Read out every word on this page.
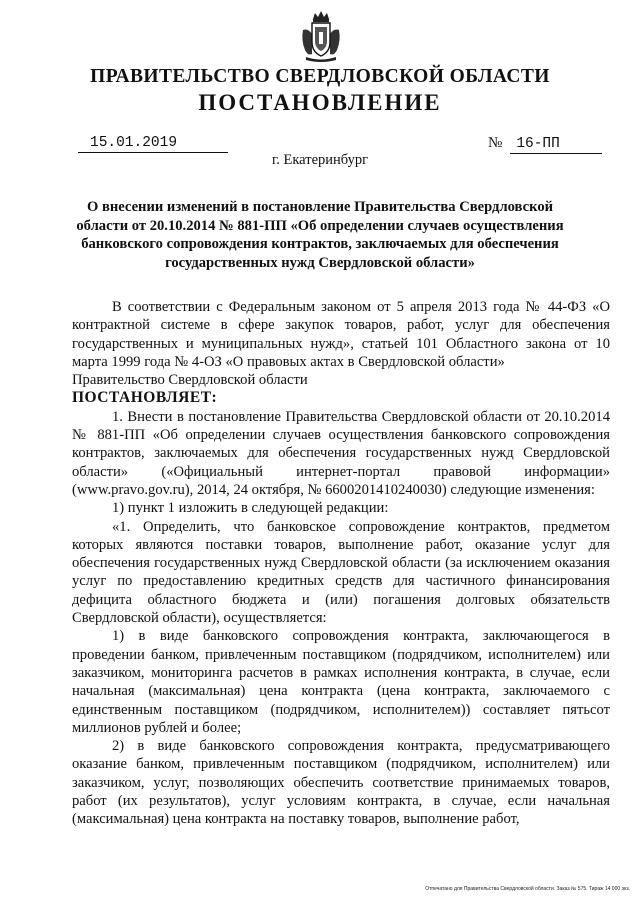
ПРАВИТЕЛЬСТВО СВЕРДЛОВСКОЙ ОБЛАСТИ
ПОСТАНОВЛЕНИЕ
15.01.2019	№ 16-ПП
г. Екатеринбург
О внесении изменений в постановление Правительства Свердловской области от 20.10.2014 № 881-ПП «Об определении случаев осуществления банковского сопровождения контрактов, заключаемых для обеспечения государственных нужд Свердловской области»

В соответствии с Федеральным законом от 5 апреля 2013 года № 44-ФЗ «О контрактной системе в сфере закупок товаров, работ, услуг для обеспечения государственных и муниципальных нужд», статьей 101 Областного закона от 10 марта 1999 года № 4-ОЗ «О правовых актах в Свердловской области»

Правительство Свердловской области

ПОСТАНОВЛЯЕТ:

1. Внести в постановление Правительства Свердловской области от 20.10.2014 № 881-ПП «Об определении случаев осуществления банковского сопровождения контрактов, заключаемых для обеспечения государственных нужд Свердловской области» («Официальный интернет-портал правовой информации» (www.pravo.gov.ru), 2014, 24 октября, № 6600201410240030) следующие изменения:

1) пункт 1 изложить в следующей редакции:

«1. Определить, что банковское сопровождение контрактов, предметом которых являются поставки товаров, выполнение работ, оказание услуг для обеспечения государственных нужд Свердловской области (за исключением оказания услуг по предоставлению кредитных средств для частичного финансирования дефицита областного бюджета и (или) погашения долговых обязательств Свердловской области), осуществляется:

1) в виде банковского сопровождения контракта, заключающегося в проведении банком, привлеченным поставщиком (подрядчиком, исполнителем) или заказчиком, мониторинга расчетов в рамках исполнения контракта, в случае, если начальная (максимальная) цена контракта (цена контракта, заключаемого с единственным поставщиком (подрядчиком, исполнителем)) составляет пятьсот миллионов рублей и более;

2) в виде банковского сопровождения контракта, предусматривающего оказание банком, привлеченным поставщиком (подрядчиком, исполнителем) или заказчиком, услуг, позволяющих обеспечить соответствие принимаемых товаров, работ (их результатов), услуг условиям контракта, в случае, если начальная (максимальная) цена контракта на поставку товаров, выполнение работ,

Отпечатано для Правительства Свердловской области. Заказ № 575. Тираж 14 000 экз.
